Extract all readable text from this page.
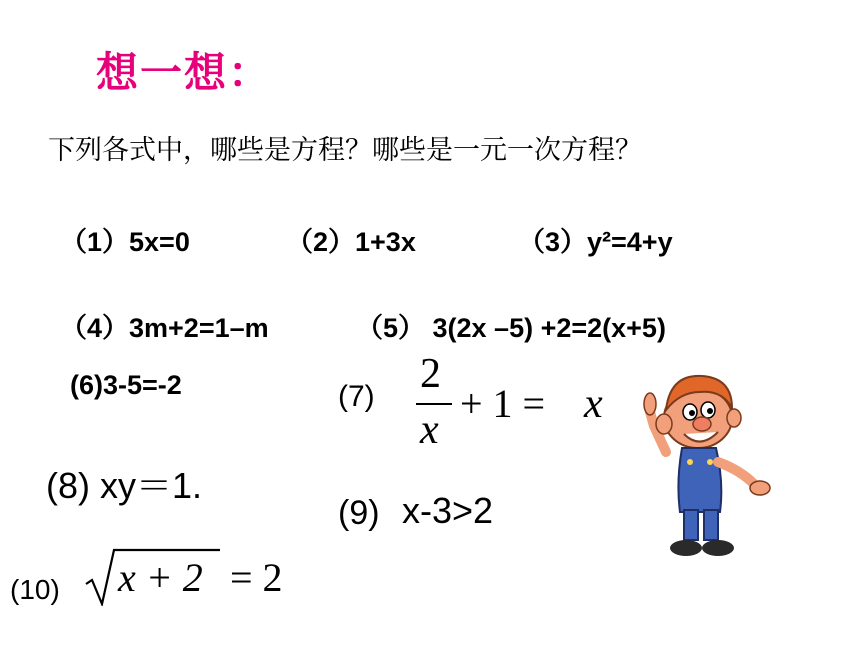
想一想：
下列各式中，哪些是方程？哪些是一元一次方程？
（1）5x=0	（2）1+3x	（3）y²=4+y
（4）3m+2=1–m	（5） 3(2x –5) +2=2(x+5)
(6)3-5=-2	(7) 2
x
+ 1 = x
(8) xy＝1.
(9) x-3>2
(10) x + 2 = 2
